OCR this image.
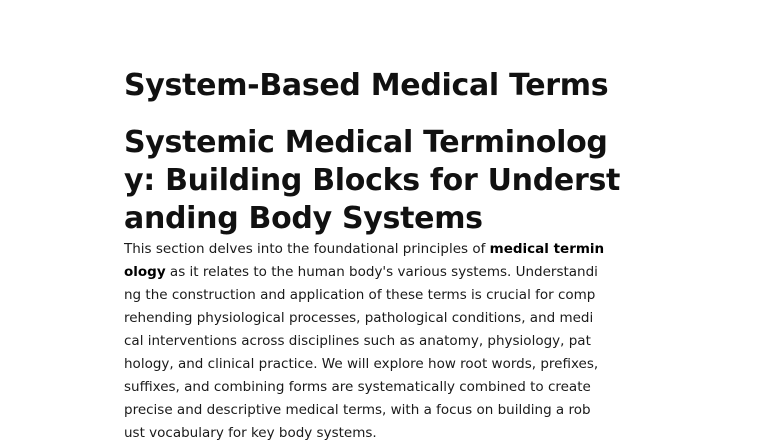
System-Based Medical Terms
Systemic Medical Terminolog
y: Building Blocks for Underst
anding Body Systems

This section delves into the foundational principles of medical termin
ology as it relates to the human body's various systems. Understandi
ng the construction and application of these terms is crucial for comp
rehending physiological processes, pathological conditions, and medi
cal interventions across disciplines such as anatomy, physiology, pat
hology, and clinical practice. We will explore how root words, prefixes,
suffixes, and combining forms are systematically combined to create
precise and descriptive medical terms, with a focus on building a rob
ust vocabulary for key body systems.
